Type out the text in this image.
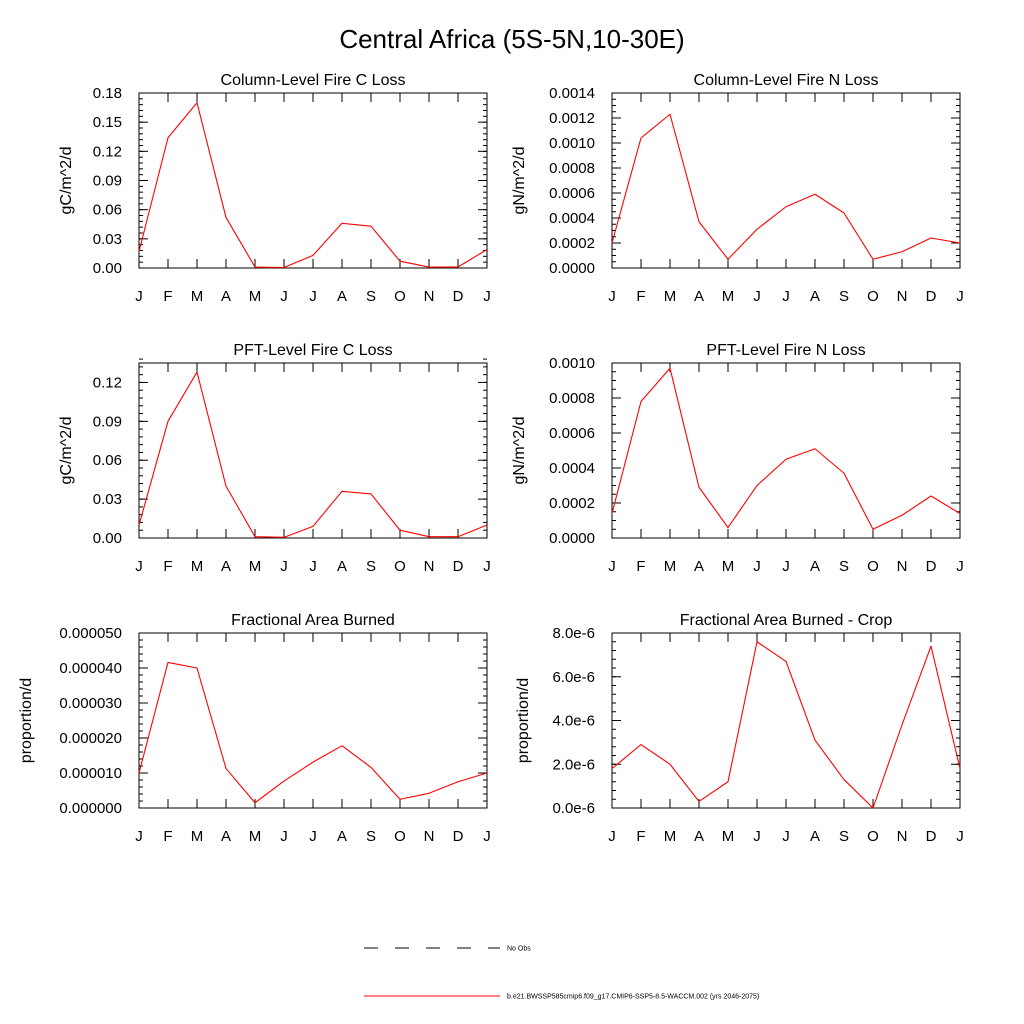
Central Africa (5S-5N,10-30E)
Column-Level Fire C Loss
0.00
0.03
0.06
0.09
0.12
0.15
0.18
J F M A M J J A S O N D J
gC/m^2/d
Column-Level Fire N Loss
0.0000
0.0002
0.0004
0.0006
0.0008
0.0010
0.0012
0.0014
J F M A M J J A S O N D J
gN/m^2/d
PFT-Level Fire C Loss
0.00
0.03
0.06
0.09
0.12
J F M A M J J A S O N D J
gC/m^2/d
PFT-Level Fire N Loss
0.0000
0.0002
0.0004
0.0006
0.0008
0.0010
J F M A M J J A S O N D J
gN/m^2/d
Fractional Area Burned
0.000000
0.000010
0.000020
0.000030
0.000040
0.000050
J F M A M J J A S O N D J
proportion/d
Fractional Area Burned - Crop
0.0e-6
2.0e-6
4.0e-6
6.0e-6
8.0e-6
J F M A M J J A S O N D J
proportion/d
No Obs
b.e21.BWSSP585cmip6.f09_g17.CMIP6-SSP5-8.5-WACCM.002 (yrs 2046-2075)
